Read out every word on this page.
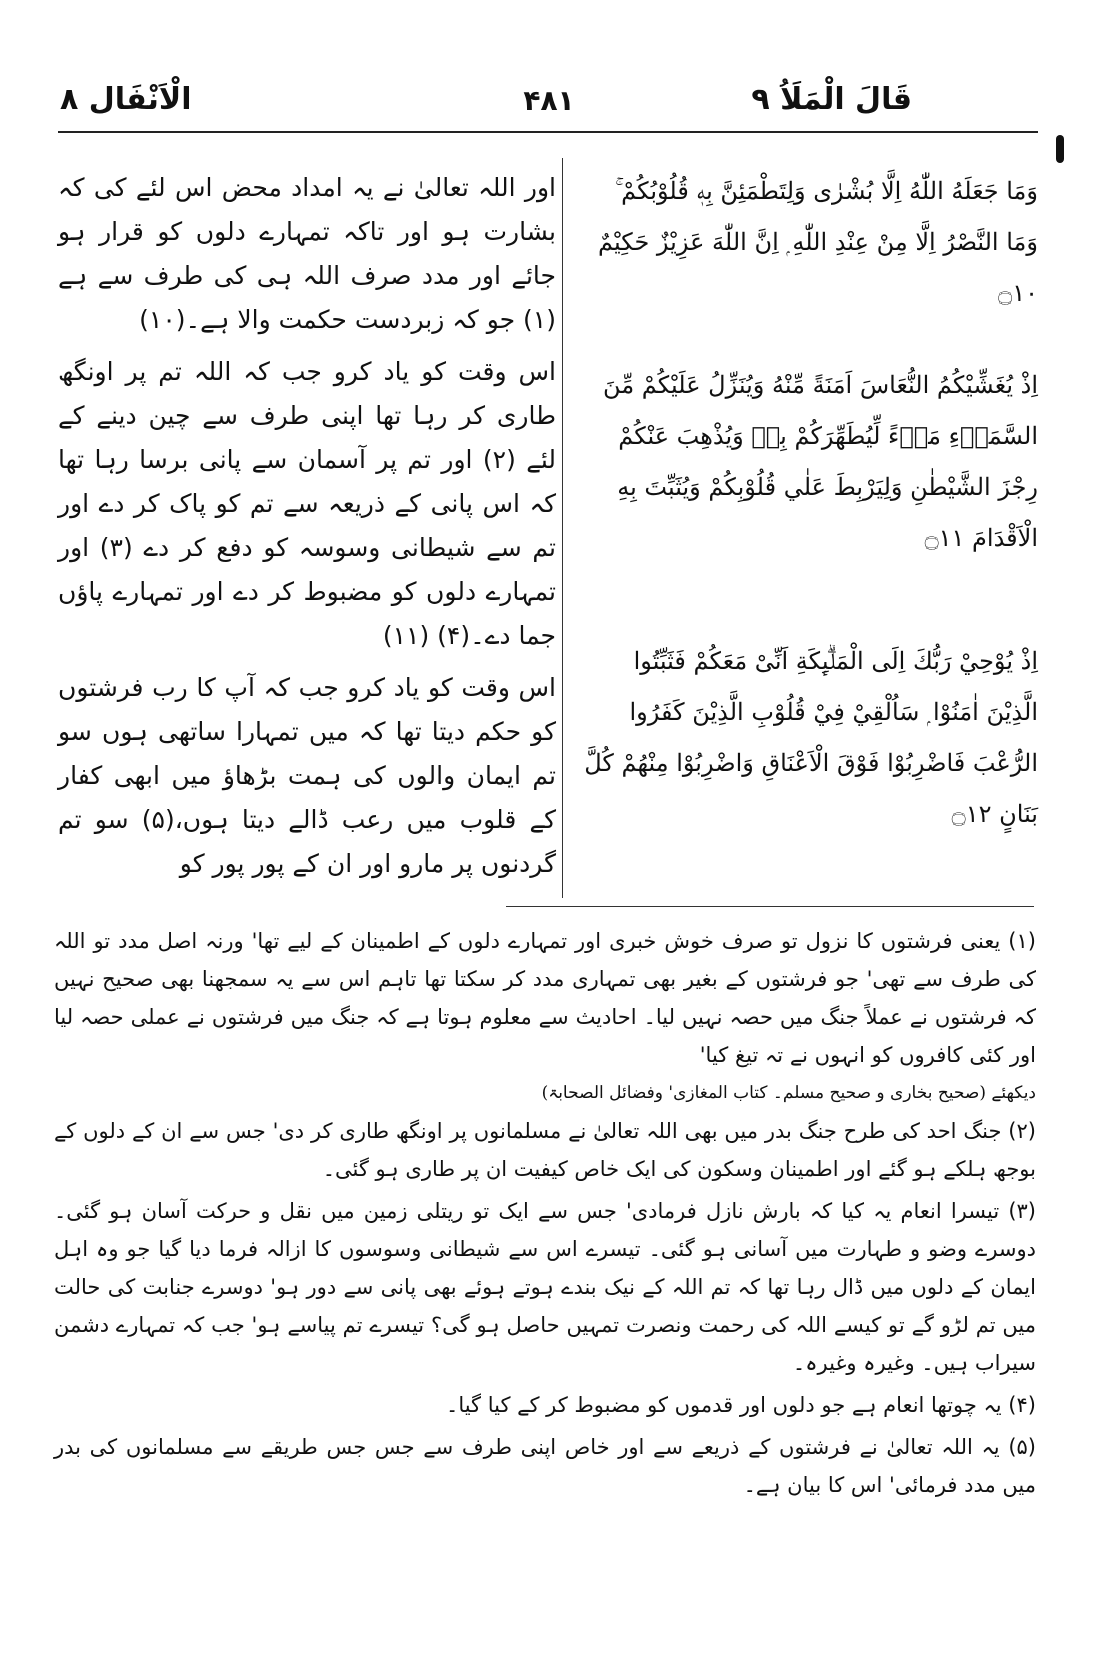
قَالَ الْمَلَاُ ۹
۴۸۱
الْاَنْفَال ۸

وَمَا جَعَلَهُ اللّٰهُ اِلَّا بُشْرٰى وَلِتَطْمَئِنَّ بِهٖ قُلُوْبُكُمْ ۚ وَمَا النَّصْرُ اِلَّا مِنْ عِنْدِ اللّٰهِ ۭ اِنَّ اللّٰهَ عَزِيْزٌ حَكِيْمٌ ۝۱۰

اِذْ يُغَشِّيْكُمُ النُّعَاسَ اَمَنَةً مِّنْهُ وَيُنَزِّلُ عَلَيْكُمْ مِّنَ السَّمَاۗءِ مَاۗءً لِّيُطَهِّرَكُمْ بِهٖ وَيُذْهِبَ عَنْكُمْ رِجْزَ الشَّيْطٰنِ وَلِيَرْبِطَ عَلٰي قُلُوْبِكُمْ وَيُثَبِّتَ بِهِ الْاَقْدَامَ ۝۱۱

اِذْ يُوْحِيْ رَبُّكَ اِلَى الْمَلٰۗىِٕكَةِ اَنِّىْ مَعَكُمْ فَثَبِّتُوا الَّذِيْنَ اٰمَنُوْا ۭ سَاُلْقِيْ فِيْ قُلُوْبِ الَّذِيْنَ كَفَرُوا الرُّعْبَ فَاضْرِبُوْا فَوْقَ الْاَعْنَاقِ وَاضْرِبُوْا مِنْهُمْ كُلَّ بَنَانٍ ۝۱۲

اور اللہ تعالیٰ نے یہ امداد محض اس لئے کی کہ بشارت ہو اور تاکہ تمہارے دلوں کو قرار ہو جائے اور مدد صرف اللہ ہی کی طرف سے ہے (۱) جو کہ زبردست حکمت والا ہے۔(۱۰)

اس وقت کو یاد کرو جب کہ اللہ تم پر اونگھ طاری کر رہا تھا اپنی طرف سے چین دینے کے لئے (۲) اور تم پر آسمان سے پانی برسا رہا تھا کہ اس پانی کے ذریعہ سے تم کو پاک کر دے اور تم سے شیطانی وسوسہ کو دفع کر دے (۳) اور تمہارے دلوں کو مضبوط کر دے اور تمہارے پاؤں جما دے۔(۴) (۱۱)

اس وقت کو یاد کرو جب کہ آپ کا رب فرشتوں کو حکم دیتا تھا کہ میں تمہارا ساتھی ہوں سو تم ایمان والوں کی ہمت بڑھاؤ میں ابھی کفار کے قلوب میں رعب ڈالے دیتا ہوں،(۵) سو تم گردنوں پر مارو اور ان کے پور پور کو

(۱) یعنی فرشتوں کا نزول تو صرف خوش خبری اور تمہارے دلوں کے اطمینان کے لیے تھا' ورنہ اصل مدد تو اللہ کی طرف سے تھی' جو فرشتوں کے بغیر بھی تمہاری مدد کر سکتا تھا تاہم اس سے یہ سمجھنا بھی صحیح نہیں کہ فرشتوں نے عملاً جنگ میں حصہ نہیں لیا۔ احادیث سے معلوم ہوتا ہے کہ جنگ میں فرشتوں نے عملی حصہ لیا اور کئی کافروں کو انہوں نے تہ تیغ کیا'

دیکھئے (صحیح بخاری و صحیح مسلم۔ کتاب المغازی' وفضائل الصحابۃ)

(۲) جنگ احد کی طرح جنگ بدر میں بھی اللہ تعالیٰ نے مسلمانوں پر اونگھ طاری کر دی' جس سے ان کے دلوں کے بوجھ ہلکے ہو گئے اور اطمینان وسکون کی ایک خاص کیفیت ان پر طاری ہو گئی۔

(۳) تیسرا انعام یہ کیا کہ بارش نازل فرمادی' جس سے ایک تو ریتلی زمین میں نقل و حرکت آسان ہو گئی۔ دوسرے وضو و طہارت میں آسانی ہو گئی۔ تیسرے اس سے شیطانی وسوسوں کا ازالہ فرما دیا گیا جو وہ اہل ایمان کے دلوں میں ڈال رہا تھا کہ تم اللہ کے نیک بندے ہوتے ہوئے بھی پانی سے دور ہو' دوسرے جنابت کی حالت میں تم لڑو گے تو کیسے اللہ کی رحمت ونصرت تمہیں حاصل ہو گی؟ تیسرے تم پیاسے ہو' جب کہ تمہارے دشمن سیراب ہیں۔ وغیرہ وغیرہ۔

(۴) یہ چوتھا انعام ہے جو دلوں اور قدموں کو مضبوط کر کے کیا گیا۔

(۵) یہ اللہ تعالیٰ نے فرشتوں کے ذریعے سے اور خاص اپنی طرف سے جس جس طریقے سے مسلمانوں کی بدر میں مدد فرمائی' اس کا بیان ہے۔
